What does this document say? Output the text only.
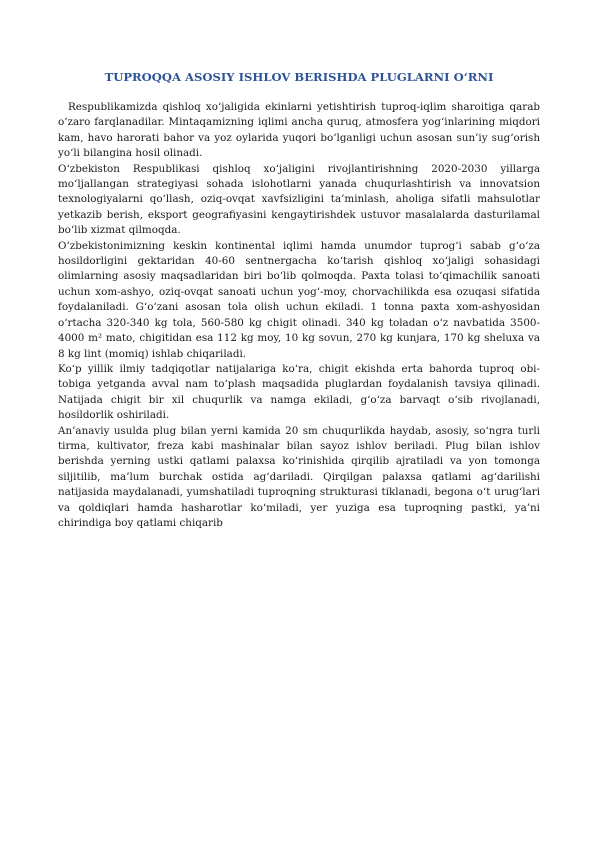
TUPROQQA ASOSIY ISHLOV BERISHDA PLUGLARNI O‘RNI

Respublikamizda qishloq xo‘jaligida ekinlarni yetishtirish tuproq-iqlim sharoitiga qarab o‘zaro farqlanadilar. Mintaqamizning iqlimi ancha quruq, atmosfera yog‘inlarining miqdori kam, havo harorati bahor va yoz oylarida yuqori bo‘lganligi uchun asosan sun’iy sug‘orish yo‘li bilangina hosil olinadi.

O‘zbekiston Respublikasi qishloq xo‘jaligini rivojlantirishning 2020-2030 yillarga mo‘ljallangan strategiyasi sohada islohotlarni yanada chuqurlashtirish va innovatsion texnologiyalarni qo‘llash, oziq-ovqat xavfsizligini ta’minlash, aholiga sifatli mahsulotlar yetkazib berish, eksport geografiyasini kengaytirishdek ustuvor masalalarda dasturilamal bo‘lib xizmat qilmoqda.

O‘zbekistonimizning keskin kontinental iqlimi hamda unumdor tuprog‘i sabab g‘o‘za hosildorligini gektaridan 40-60 sentnergacha ko‘tarish qishloq xo‘jaligi sohasidagi olimlarning asosiy maqsadlaridan biri bo‘lib qolmoqda. Paxta tolasi to‘qimachilik sanoati uchun xom-ashyo, oziq-ovqat sanoati uchun yog‘-moy, chorvachilikda esa ozuqasi sifatida foydalaniladi. G‘o‘zani asosan tola olish uchun ekiladi. 1 tonna paxta xom-ashyosidan o‘rtacha 320-340 kg tola, 560-580 kg chigit olinadi. 340 kg toladan o‘z navbatida 3500-4000 m² mato, chigitidan esa 112 kg moy, 10 kg sovun, 270 kg kunjara, 170 kg sheluxa va 8 kg lint (momiq) ishlab chiqariladi.

Ko‘p yillik ilmiy tadqiqotlar natijalariga ko‘ra, chigit ekishda erta bahorda tuproq obi-tobiga yetganda avval nam to‘plash maqsadida pluglardan foydalanish tavsiya qilinadi. Natijada chigit bir xil chuqurlik va namga ekiladi, g‘o‘za barvaqt o‘sib rivojlanadi, hosildorlik oshiriladi.

An’anaviy usulda plug bilan yerni kamida 20 sm chuqurlikda haydab, asosiy, so‘ngra turli tirma, kultivator, freza kabi mashinalar bilan sayoz ishlov beriladi. Plug bilan ishlov berishda yerning ustki qatlami palaxsa ko‘rinishida qirqilib ajratiladi va yon tomonga siljitilib, ma’lum burchak ostida ag‘dariladi. Qirqilgan palaxsa qatlami ag‘darilishi natijasida maydalanadi, yumshatiladi tuproqning strukturasi tiklanadi, begona o‘t urug‘lari va qoldiqlari hamda hasharotlar ko‘miladi, yer yuziga esa tuproqning pastki, ya’ni chirindiga boy qatlami chiqarib
